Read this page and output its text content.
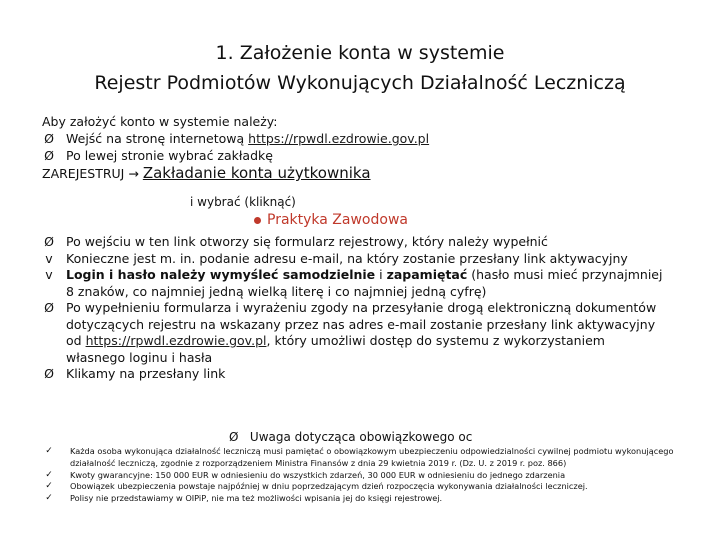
1. Założenie konta w systemie
Rejestr Podmiotów Wykonujących Działalność Leczniczą
Aby założyć konto w systemie należy:
Ø Wejść na stronę internetową https://rpwdl.ezdrowie.gov.pl
Ø Po lewej stronie wybrać zakładkę
ZAREJESTRUJ → Zakładanie konta użytkownika
i wybrać (kliknąć)
Praktyka Zawodowa
Ø Po wejściu w ten link otworzy się formularz rejestrowy, który należy wypełnić
v	Konieczne jest m. in. podanie adresu e-mail, na który zostanie przesłany link aktywacyjny
v	Login i hasło należy wymyśleć samodzielnie i zapamiętać (hasło musi mieć przynajmniej 8 znaków, co najmniej jedną wielką literę i co najmniej jedną cyfrę)
Ø Po wypełnieniu formularza i wyrażeniu zgody na przesyłanie drogą elektroniczną dokumentów dotyczących rejestru na wskazany przez nas adres e-mail zostanie przesłany link aktywacyjny od https://rpwdl.ezdrowie.gov.pl, który umożliwi dostęp do systemu z wykorzystaniem własnego loginu i hasła
Ø Klikamy na przesłany link
Ø Uwaga dotycząca obowiązkowego oc
✓	Każda osoba wykonująca działalność leczniczą musi pamiętać o obowiązkowym ubezpieczeniu odpowiedzialności cywilnej podmiotu wykonującego działalność leczniczą, zgodnie z rozporządzeniem Ministra Finansów z dnia 29 kwietnia 2019 r. (Dz. U. z 2019 r. poz. 866)
✓	Kwoty gwarancyjne: 150 000 EUR w odniesieniu do wszystkich zdarzeń, 30 000 EUR w odniesieniu do jednego zdarzenia
✓	Obowiązek ubezpieczenia powstaje najpóźniej w dniu poprzedzającym dzień rozpoczęcia wykonywania działalności leczniczej.
✓	Polisy nie przedstawiamy w OIPiP, nie ma też możliwości wpisania jej do księgi rejestrowej.
